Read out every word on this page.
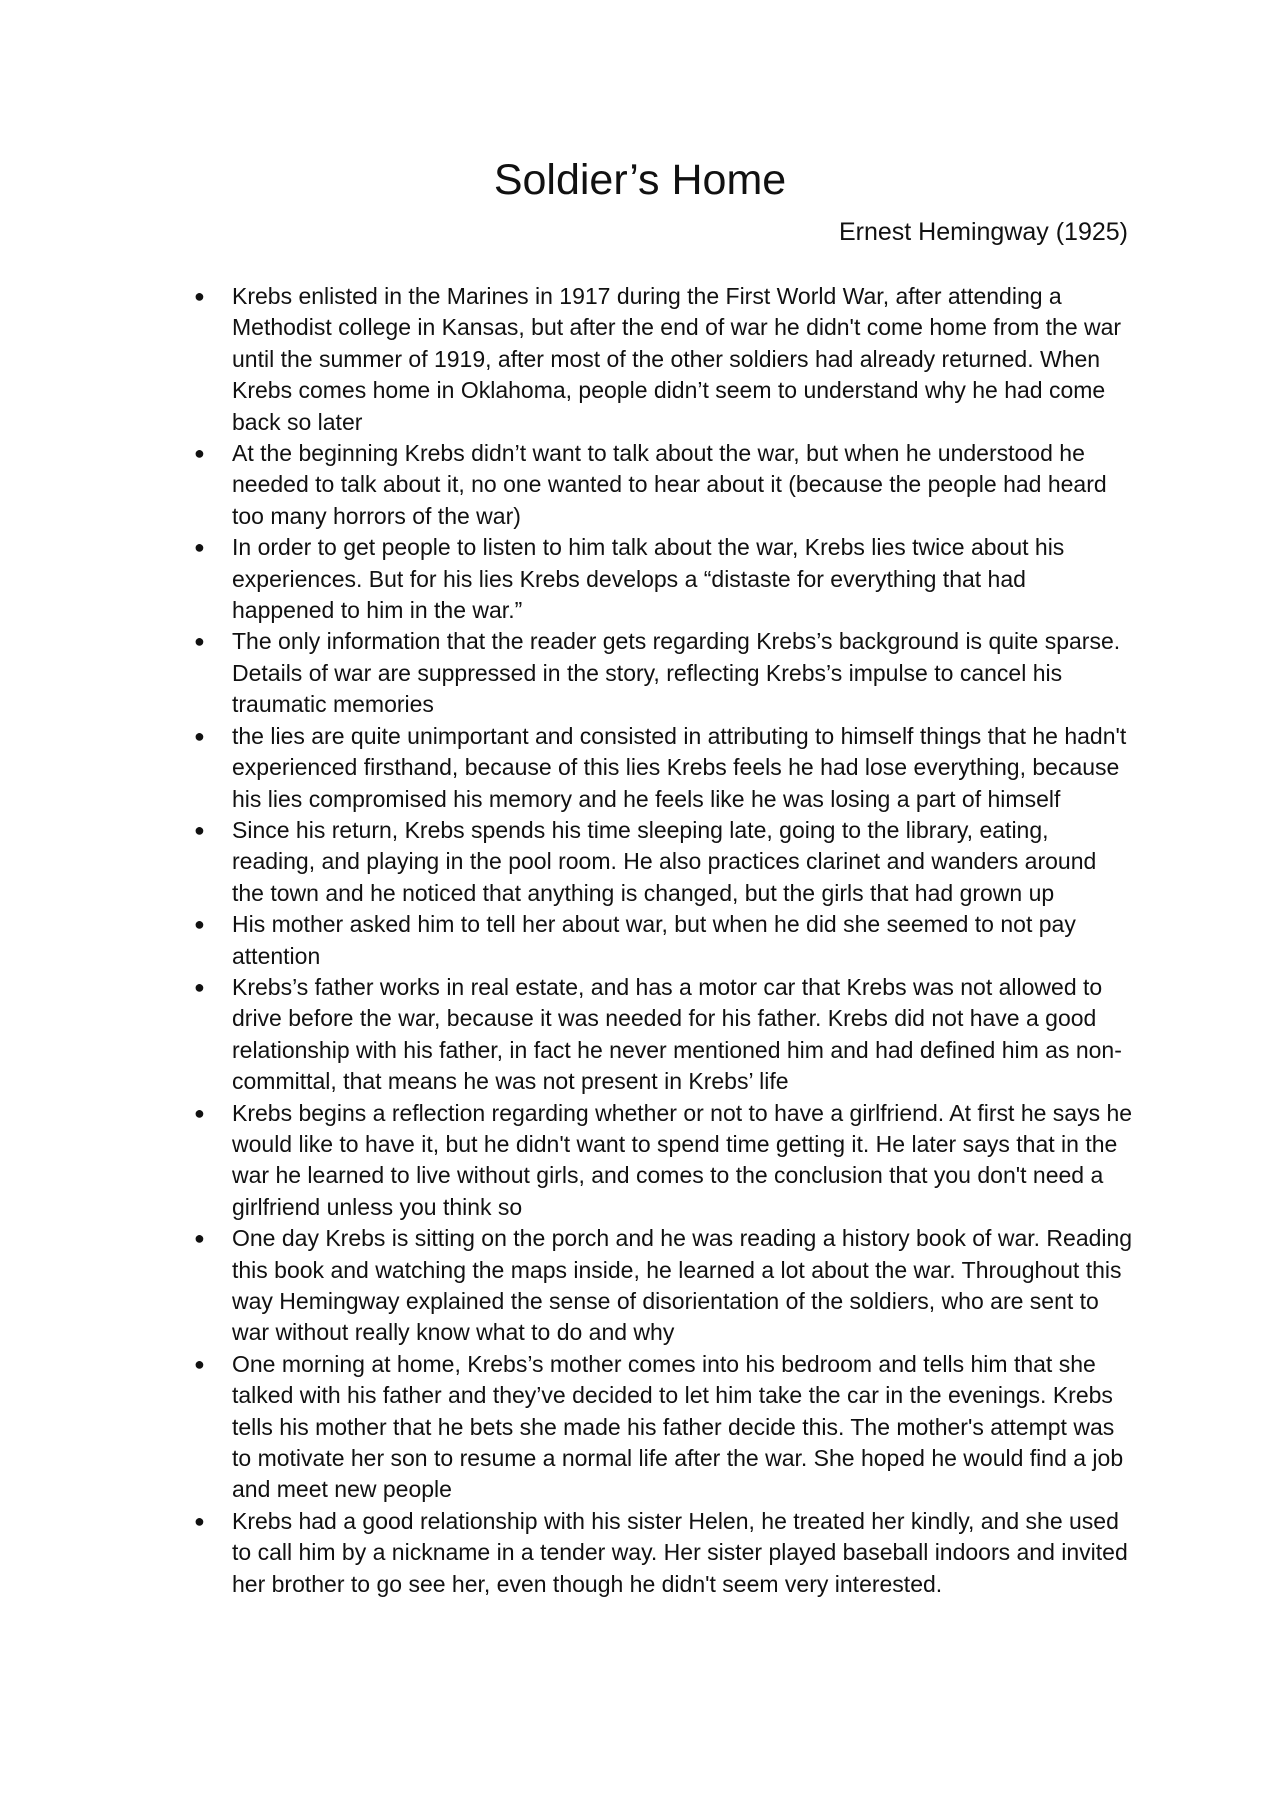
Soldier’s Home

Ernest Hemingway (1925)

● Krebs enlisted in the Marines in 1917 during the First World War, after attending a Methodist college in Kansas, but after the end of war he didn't come home from the war until the summer of 1919, after most of the other soldiers had already returned. When Krebs comes home in Oklahoma, people didn’t seem to understand why he had come back so later
● At the beginning Krebs didn’t want to talk about the war, but when he understood he needed to talk about it, no one wanted to hear about it (because the people had heard too many horrors of the war)
● In order to get people to listen to him talk about the war, Krebs lies twice about his experiences. But for his lies Krebs develops a “distaste for everything that had happened to him in the war.”
● The only information that the reader gets regarding Krebs’s background is quite sparse. Details of war are suppressed in the story, reflecting Krebs’s impulse to cancel his traumatic memories
● the lies are quite unimportant and consisted in attributing to himself things that he hadn't experienced firsthand, because of this lies Krebs feels he had lose everything, because his lies compromised his memory and he feels like he was losing a part of himself
● Since his return, Krebs spends his time sleeping late, going to the library, eating, reading, and playing in the pool room. He also practices clarinet and wanders around the town and he noticed that anything is changed, but the girls that had grown up
● His mother asked him to tell her about war, but when he did she seemed to not pay attention
● Krebs’s father works in real estate, and has a motor car that Krebs was not allowed to drive before the war, because it was needed for his father. Krebs did not have a good relationship with his father, in fact he never mentioned him and had defined him as non-committal, that means he was not present in Krebs’ life
● Krebs begins a reflection regarding whether or not to have a girlfriend. At first he says he would like to have it, but he didn't want to spend time getting it. He later says that in the war he learned to live without girls, and comes to the conclusion that you don't need a girlfriend unless you think so
● One day Krebs is sitting on the porch and he was reading a history book of war. Reading this book and watching the maps inside, he learned a lot about the war. Throughout this way Hemingway explained the sense of disorientation of the soldiers, who are sent to war without really know what to do and why
● One morning at home, Krebs’s mother comes into his bedroom and tells him that she talked with his father and they’ve decided to let him take the car in the evenings. Krebs tells his mother that he bets she made his father decide this. The mother's attempt was to motivate her son to resume a normal life after the war. She hoped he would find a job and meet new people
● Krebs had a good relationship with his sister Helen, he treated her kindly, and she used to call him by a nickname in a tender way. Her sister played baseball indoors and invited her brother to go see her, even though he didn't seem very interested.
